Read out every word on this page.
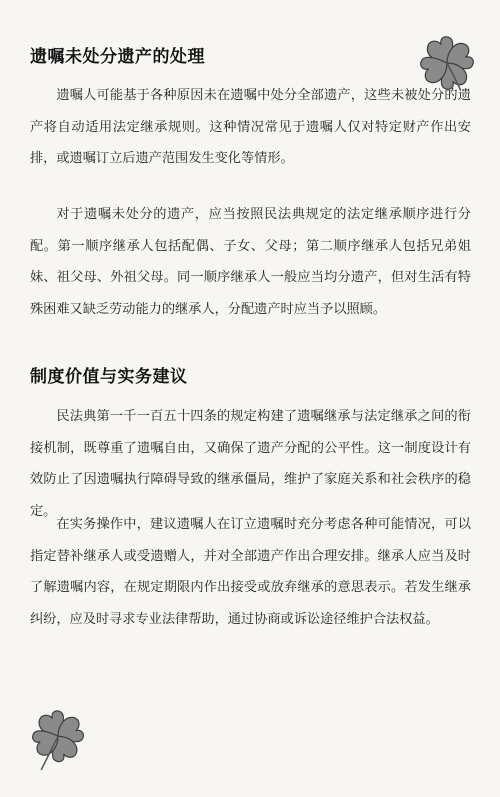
遗嘱未处分遗产的处理

遗嘱人可能基于各种原因未在遗嘱中处分全部遗产，这些未被处分的遗产将自动适用法定继承规则。这种情况常见于遗嘱人仅对特定财产作出安排，或遗嘱订立后遗产范围发生变化等情形。

对于遗嘱未处分的遗产，应当按照民法典规定的法定继承顺序进行分配。第一顺序继承人包括配偶、子女、父母；第二顺序继承人包括兄弟姐妹、祖父母、外祖父母。同一顺序继承人一般应当均分遗产，但对生活有特殊困难又缺乏劳动能力的继承人，分配遗产时应当予以照顾。

制度价值与实务建议

民法典第一千一百五十四条的规定构建了遗嘱继承与法定继承之间的衔接机制，既尊重了遗嘱自由，又确保了遗产分配的公平性。这一制度设计有效防止了因遗嘱执行障碍导致的继承僵局，维护了家庭关系和社会秩序的稳定。

在实务操作中，建议遗嘱人在订立遗嘱时充分考虑各种可能情况，可以指定替补继承人或受遗赠人，并对全部遗产作出合理安排。继承人应当及时了解遗嘱内容，在规定期限内作出接受或放弃继承的意思表示。若发生继承纠纷，应及时寻求专业法律帮助，通过协商或诉讼途径维护合法权益。
